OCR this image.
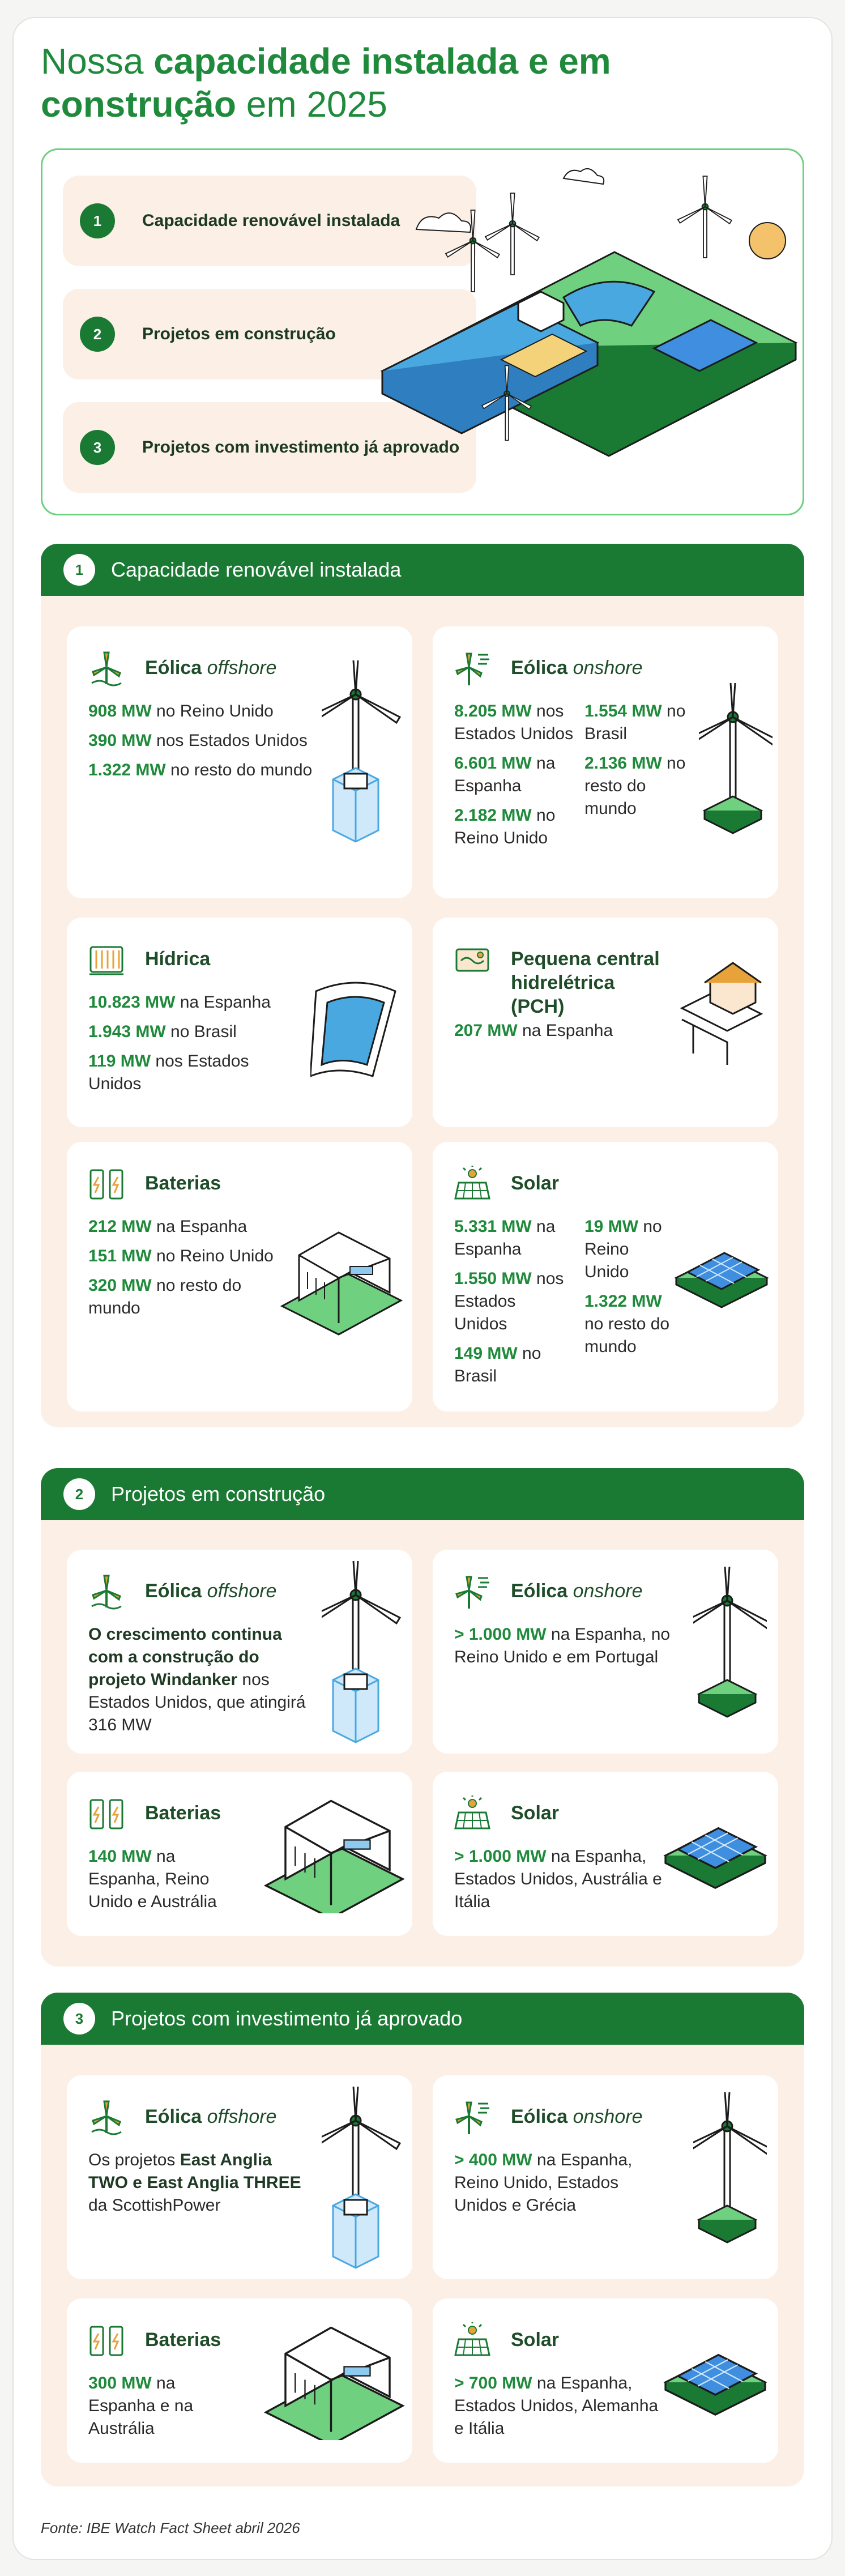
Nossa capacidade instalada e em construção em 2025
1	Capacidade renovável instalada
2	Projetos em construção
3	Projetos com investimento já aprovado
1	Capacidade renovável instalada
Eólica offshore

908 MW no Reino Unido

390 MW nos Estados Unidos

1.322 MW no resto do mundo

Eólica onshore

8.205 MW nos Estados Unidos

6.601 MW na Espanha

2.182 MW no Reino Unido

1.554 MW no Brasil

2.136 MW no resto do mundo

Hídrica

10.823 MW na Espanha

1.943 MW no Brasil

119 MW nos Estados Unidos

Pequena central hidrelétrica (PCH)

207 MW na Espanha

Baterias

212 MW na Espanha

151 MW no Reino Unido

320 MW no resto do mundo

Solar

5.331 MW na Espanha

1.550 MW nos Estados Unidos

149 MW no Brasil

19 MW no Reino Unido

1.322 MW no resto do mundo

2	Projetos em construção
Eólica offshore

O crescimento continua com a construção do projeto Windanker nos Estados Unidos, que atingirá 316 MW

Eólica onshore

> 1.000 MW na Espanha, no Reino Unido e em Portugal

Baterias

140 MW na Espanha, Reino Unido e Austrália

Solar

> 1.000 MW na Espanha, Estados Unidos, Austrália e Itália

3	Projetos com investimento já aprovado
Eólica offshore

Os projetos East Anglia TWO e East Anglia THREE da ScottishPower

Eólica onshore

> 400 MW na Espanha, Reino Unido, Estados Unidos e Grécia

Baterias

300 MW na Espanha e na Austrália

Solar

> 700 MW na Espanha, Estados Unidos, Alemanha e Itália

Fonte: IBE Watch Fact Sheet abril 2026
